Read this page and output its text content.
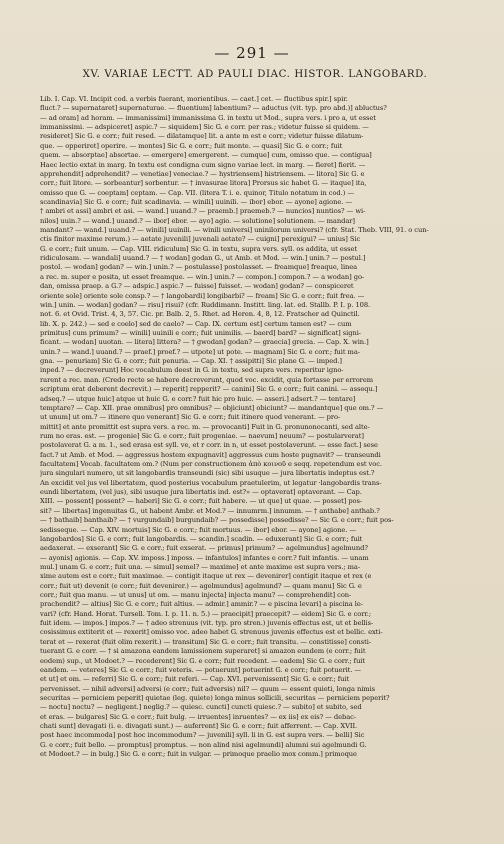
— 291 —
XV. VARIAE LECTT. AD PAULI DIAC. HISTOR. LANGOBARD.
Lib. I. Cap. VI. Incipit cod. a verbis fuerant, morientibus. — caet.] cet. — fluctibus spir.] spir.
fluct.? — supernataret] supernaturae. — fluentium] labentium? — aductus (vit. typ. pro abd.)] abluctus?
— ad oram] ad horam. — immanissimi] immanissima G. in textu ut Mod., supra vers. i pro a, ut esset
immanissimi. — adspiceret] aspic.? — siquidem] Sic G. e corr. per ras.; videtur fuisse si quidem. —
resideret] Sic G. e corr.; fuit resed. — dilatamque] lit. a ante m est e corr.; videtur fuisse dilatum-
que. — opperiret] operire. — montes] Sic G. e corr.; fuit monte. — quasi] Sic G. e corr.; fuit
quem. — absorptae] absortae. — emergere] emergerent. — cumque] cum, omisso que. — contigua]
Haec lectio extat in marg. In textu est condigna cum signo variae lect. in marg. — fieret] fierit. —
apprehendit] adprehendit? — venetiae] veneciae.? — hystriensem] histriensem. — litora] Sic G. e
corr.; fuit litore. — sorbeantur] sorbentur. — † invasurae litora] Prorsus sic habet G. — itaque] ita,
omisso que G. — coeptam] ceptam. — Cap. VII. (litera T. i. e. quinor, Titulo notatum in cod.) —
scandinavia] Sic G. e corr.; fuit scadinavia. — winili] uuinili. — ibor] ebor. — ayone] agione. —
† ambri et assi] ambri et asi. — wand.] uuand.? — praemb.] praemeb.? — nuncios] nuntios? — wi-
nilos] uuin.? — wand.] uuand.? — ibor] ebor. — ayo] agio. — solutione] solutionem. — mandar]
mandant? — wand.] uuand.? — winili] uuinili. — winili universi] uninilorum universi? (cfr. Stat. Theb. VIII, 91. o cun-
ctis finitor maxime rerum.) — aetate juvenili] juvenali aetate? — cuigni] perexigui? — unius] Sic
G. e corr.; fuit unum. — Cap. VIII. ridiculum] Sic G. in textu, supra vers. syll. os addita, ut esset
ridiculosam. — wandali] uuand.? — † wodan] godan G., ut Amb. et Mod. — win.] unin.? — postul.]
postol. — wodan] godan? — win.] unin.? — postulasse] postolasset. — freamque] freaque, lineа
a rec. m. super e posita, ut esset freamque. — win.] unin.? — compon.] compon.? — a wodan] go-
dan, omissa praep. a G.? — adspic.] aspic.? — fuisse] fuisset. — wodan] godan? — conspiceret
oriente sole] oriente sole consp.? — † langobardi] longibarbi? — fream] Sic G. e corr.; fuit frea. —
win.] unin. — wodan] godan? — risu] risui? (cfr. Ruddimann. Institt. ling. lat. ed. Stallb. P. I. p. 108.
not. 6. et Ovid. Trist. 4, 3, 57. Cic. pr. Balb. 2, 5. Rhet. ad Heren. 4, 8, 12. Fratscher ad Quinctil.
lib. X. p. 242.) — sed e coelo] sed de caelo? — Cap. IX. certum est] certum tamen est? — cum
primitus] cum primum? — winili] uuinili e corr.; fuit unimilis. — baerd] bard? — significat] signi-
ficant. — wodan] uuotan. — litera] littera? — † gwodan] godan? — graecia] grecia. — Cap. X. win.]
unin.? — wand.] uuand.? — praef.] proef.? — utpote] ut pote. — magnam] Sic G. e corr.; fuit ma-
gna. — penuriam] Sic G. e corr.; fuit penuria. — Cap. XI. † assipitti] Sic plane G. — imped.]
inped.? — decreverunt] Hoc vocabulum deest in G. in textu, sed supra vers. reperitur igno-
rarent a rec. man. (Credo recte se habere decreverunt, quod voc. excidit, quia fortasse per errorem
scriptum erat deberent decrevit.) — reperit] repperit? — canini] Sic G. e corr.; fuit canini. — assequ.]
adseq.? — utque huic] atque ut huic G. e corr.? fuit hic pro huic. — asseri.] adsert.? — tentare]
temptare? — Cap. XII. prae omnibus] pro omnibus? — objiciunt] obiciunt? — mandantque] que om.? —
ut unum] ut om.? — itinere quo venerant] Sic G. e corr.; fuit itinere quod venerant. — pro-
mittit] et ante promittit est supra vers. a rec. m. — provocanti] Fuit in G. pronunonocanti, sed alte-
rum no eras. est. — progenie] Sic G. e corr.; fuit progeniae. — naevum] neuum? — postularverat]
postolaverat G. a m. 1., sed erasa est syll. ve, et r corr. in n, ut esset postolaverunt. — esse fact.] sese
fact.? ut Amb. et Mod. — aggressus hostem expugnavit] aggressus cum hoste pugnavit? — transeundi
facultatem] Vocab. facultatem om.? (Num per constructionem ἀπὸ κοινοῦ e seqq. repetendum est voc.
jura singulari numero, ut sit langobardis transeundi (sic) sibi usuque — jura libertatis indeptus est.?
An excidit vel jus vel libertatem, quod posterius vocabulum praetulerim, ut legatur ·langobardis trans-
eundi libertatem, (vel jus), sibi usuque jura libertatis ind. est?» — optaverat] optaverant. — Cap.
XIII. — possent] possent? — haberi] Sic G. e corr.; fuit habere. — ut que] ut quae. — posset] pos-
sit? — libertas] ingenuitas G., ut habent Ambr. et Mod.? — innumrm.] innumm. — † anthabe] anthab.?
— † bathaib] banthaib? — † vurgundaib] burgundaib? — possedisse] possedisse? — Sic G. e corr.; fuit pos-
sedisseque. — Cap. XIV. mortuis] Sic G. e corr.; fuit mortuus. — ibor] ebor. — ayone] agione. —
langobardos] Sic G. e corr.; fuit langobardis. — scandin.] scadin. — eduxerant] Sic G. e corr.; fuit
aedaxerat. — exserant] Sic G. e corr.; fuit exserat. — primus] primum? — agelmundus] agelmund?
— ayonis] agionis. — Cap. XV. imposs.] inposs. — infantulos] infantes e corr.? fuit infantis. — unam
mul.] unam G. e corr.; fuit una. — simul] semel? — maxime] et ante maxime est supra vers.; ma-
xime autem est e corr.; fuit maximae. — contigit itaque ut rex — devenirer] contigit itaque et rex (e
corr.; fuit ut) devenit (e corr.; fuit devenirer.) — agelmundus] agelmund? — quam manu] Sic G. e
corr.; fuit qua manu. — ut unus] ut om. — manu injecta] injecta manu? — comprehendit] con-
prachendit? — altius] Sic G. e corr.; fuit altius. — admir.] ammir.? — e piscina levari] a piscina le-
vari? (cfr. Hand. Horat. Tursell. Tom. I. p. 11. n. 5.) — praecipit] praecepit? — eidem] Sic G. e corr.;
fuit idem. — impos.] impos.? — † adeo strenuus (vit. typ. pro stren.) juvenis effectus est, ut et bellis-
cosissimus extiterit et — rexerit] omisso voc. adeo habet G. strenuus juvenis effectus est et bellic. exti-
terat et — rexerat (fuit olim rexerit.) — transitum] Sic G. e corr.; fuit transitu. — constitisse] consti-
tuerant G. e corr. — † si amazona eandem lamissionem superaret] si amazon eundem (e corr.; fuit
eodem) sup., ut Modoet.? — recederent] Sic G. e corr.; fuit recedent. — eadem] Sic G. e corr.; fuit
eandem. — veteres] Sic G. e corr.; fuit veteris. — potuerunt] potuerint G. e corr.; fuit potuerit. —
et ut] et om. — referri] Sic G. e corr.; fuit referi. — Cap. XVI. pervenissent] Sic G. e corr.; fuit
pervenisset. — nihil adversi] adversi (e corr.; fuit adversis) nil? — quum — essent quieti, longa nimis
securitas — perniciem peperit] quietae (leg. quiete) longa minus sollicili, securitas — perniciem peperit?
— noctu] noctu? — negligent.] neglig.? — quiesc. cuncti] cuncti quiesc.? — subito] et subito, sed
et eras. — bulgares] Sic G. e corr.; fuit bulg. — irruentes] inruentes? — ex iis] ex eis? — debac-
chati sunt] devagati (i. e. divagati sunt.) — auferrent] Sic G. e corr.; fuit afferrent. — Cap. XVII.
post haec incommoda] post hoc incommodum? — juvenili] syll. li in G. est supra vers. — belli] Sic
G. e corr.; fuit bello. — promptus] promptus. — non alind nisi agelmundi] alumni sui agelmundi G.
et Modoet.? — in bulg.] Sic G. e corr.; fuit in vulgar. — primoque praelio mox comm.] primoque
